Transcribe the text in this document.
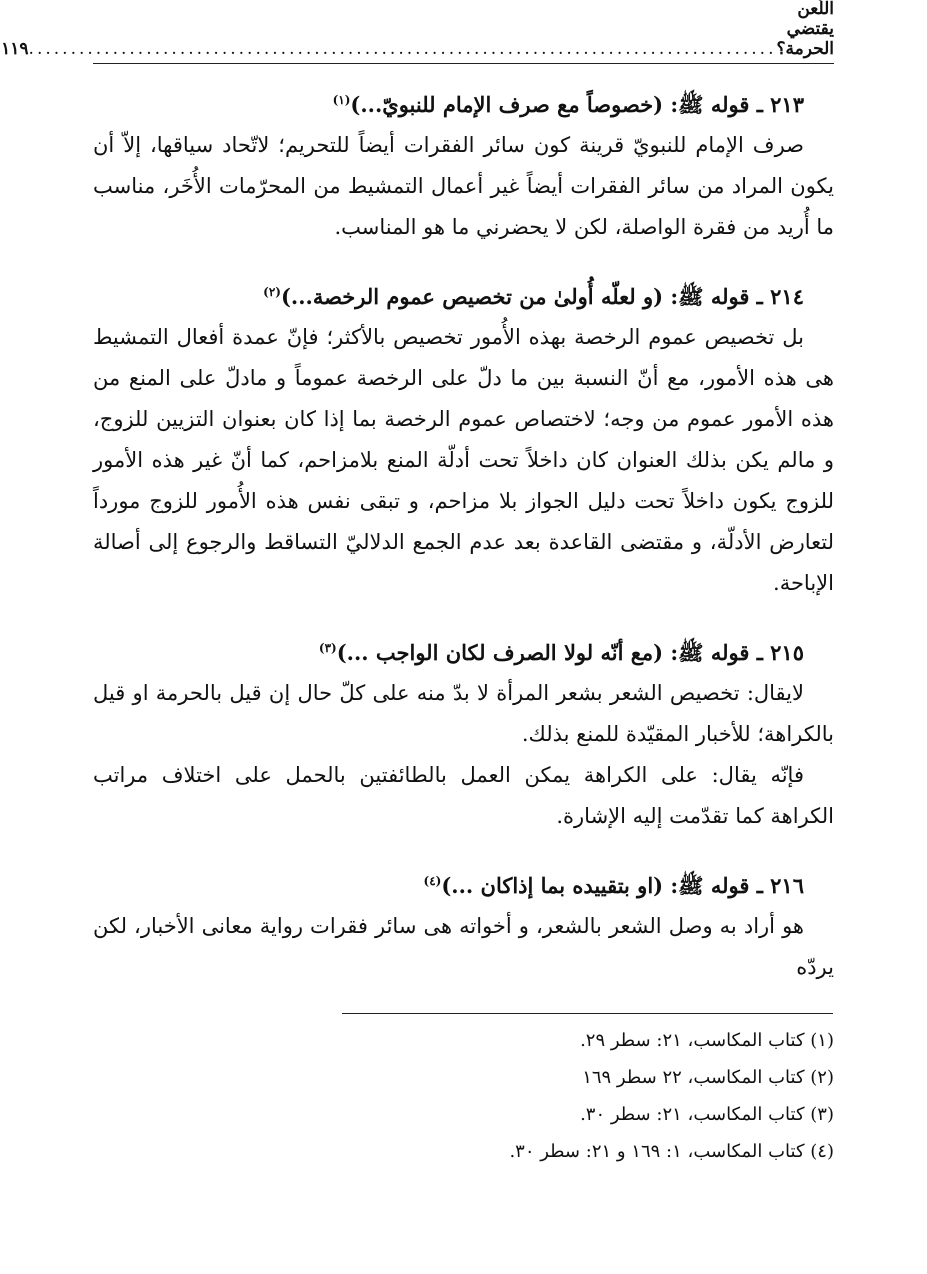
اللّعن يقتضي الحرمة؟
.........................................................................................
١١٩
٢١٣ ـ قوله ﷺ: (خصوصاً مع صرف الإمام للنبويّ...)$^{(١)}$

صرف الإمام للنبويّ قرينة كون سائر الفقرات أيضاً للتحريم؛ لاتّحاد سياقها، إلاّ أن يكون المراد من سائر الفقرات أيضاً غير أعمال التمشيط من المحرّمات الأُخَر، مناسب ما أُريد من فقرة الواصلة، لكن لا يحضرني ما هو المناسب.

٢١٤ ـ قوله ﷺ: (و لعلّه أُولىٰ من تخصيص عموم الرخصة...)$^{(٢)}$

بل تخصيص عموم الرخصة بهذه الأُمور تخصيص بالأكثر؛ فإنّ عمدة أفعال التمشيط هى هذه الأمور، مع أنّ النسبة بين ما دلّ على الرخصة عموماً و مادلّ على المنع من هذه الأمور عموم من وجه؛ لاختصاص عموم الرخصة بما إذا كان بعنوان التزيين للزوج، و مالم يكن بذلك العنوان كان داخلاً تحت أدلّة المنع بلامزاحم، كما أنّ غير هذه الأمور للزوج يكون داخلاً تحت دليل الجواز بلا مزاحم، و تبقى نفس هذه الأُمور للزوج مورداً لتعارض الأدلّة، و مقتضى القاعدة بعد عدم الجمع الدلاليّ التساقط والرجوع إلى أصالة الإباحة.

٢١٥ ـ قوله ﷺ: (مع أنّه لولا الصرف لكان الواجب ...)$^{(٣)}$

لايقال: تخصيص الشعر بشعر المرأة لا بدّ منه على كلّ حال إن قيل بالحرمة او قيل بالكراهة؛ للأخبار المقيّدة للمنع بذلك.

فإنّه يقال: على الكراهة يمكن العمل بالطائفتين بالحمل على اختلاف مراتب الكراهة كما تقدّمت إليه الإشارة.

٢١٦ ـ قوله ﷺ: (او بتقييده بما إذاكان ...)$^{(٤)}$

هو أراد به وصل الشعر بالشعر، و أخواته هى سائر فقرات رواية معانى الأخبار، لكن يردّه

(١) كتاب المكاسب، ٢١: سطر ٢٩.
(٢) كتاب المكاسب، ٢٢ سطر ١٦٩
(٣) كتاب المكاسب، ٢١: سطر ٣٠.
(٤) كتاب المكاسب، ١: ١٦٩ و ٢١: سطر ٣٠.
